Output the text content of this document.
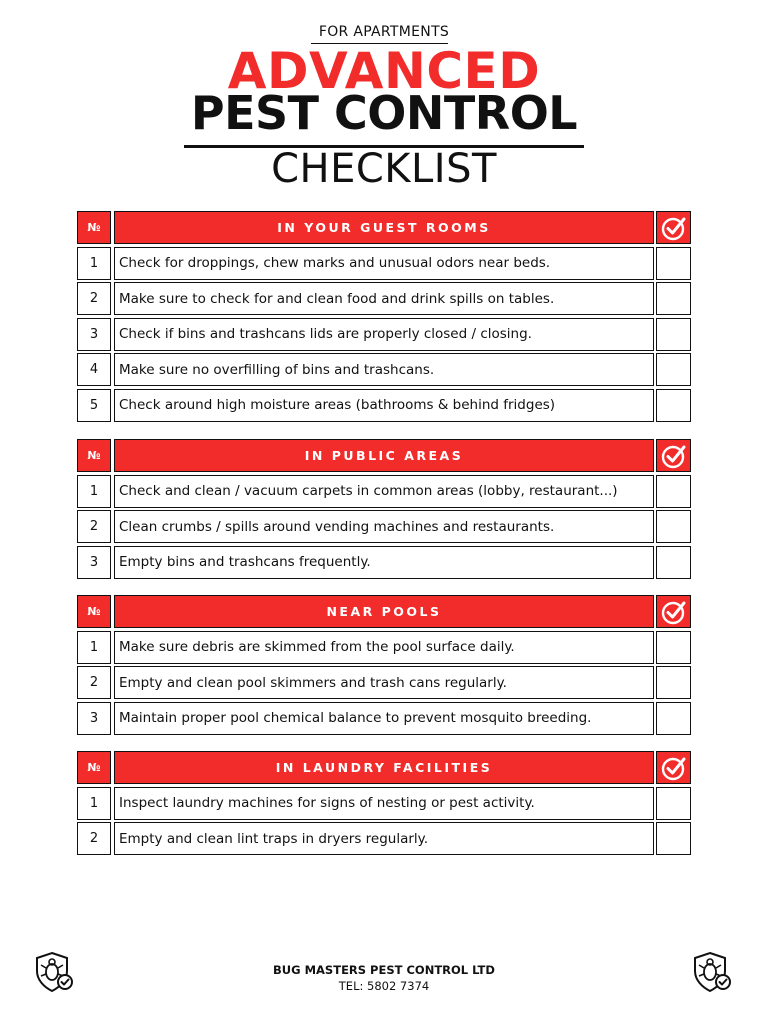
FOR APARTMENTS
ADVANCED
PEST CONTROL
CHECKLIST
№	IN YOUR GUEST ROOMS
1	Check for droppings, chew marks and unusual odors near beds.
2	Make sure to check for and clean food and drink spills on tables.
3	Check if bins and trashcans lids are properly closed / closing.
4	Make sure no overfilling of bins and trashcans.
5	Check around high moisture areas (bathrooms & behind fridges)
№	IN PUBLIC AREAS
1	Check and clean / vacuum carpets in common areas (lobby, restaurant...)
2	Clean crumbs / spills around vending machines and restaurants.
3	Empty bins and trashcans frequently.
№	NEAR POOLS
1	Make sure debris are skimmed from the pool surface daily.
2	Empty and clean pool skimmers and trash cans regularly.
3	Maintain proper pool chemical balance to prevent mosquito breeding.
№	IN LAUNDRY FACILITIES
1	Inspect laundry machines for signs of nesting or pest activity.
2	Empty and clean lint traps in dryers regularly.
BUG MASTERS PEST CONTROL LTD
TEL: 5802 7374
